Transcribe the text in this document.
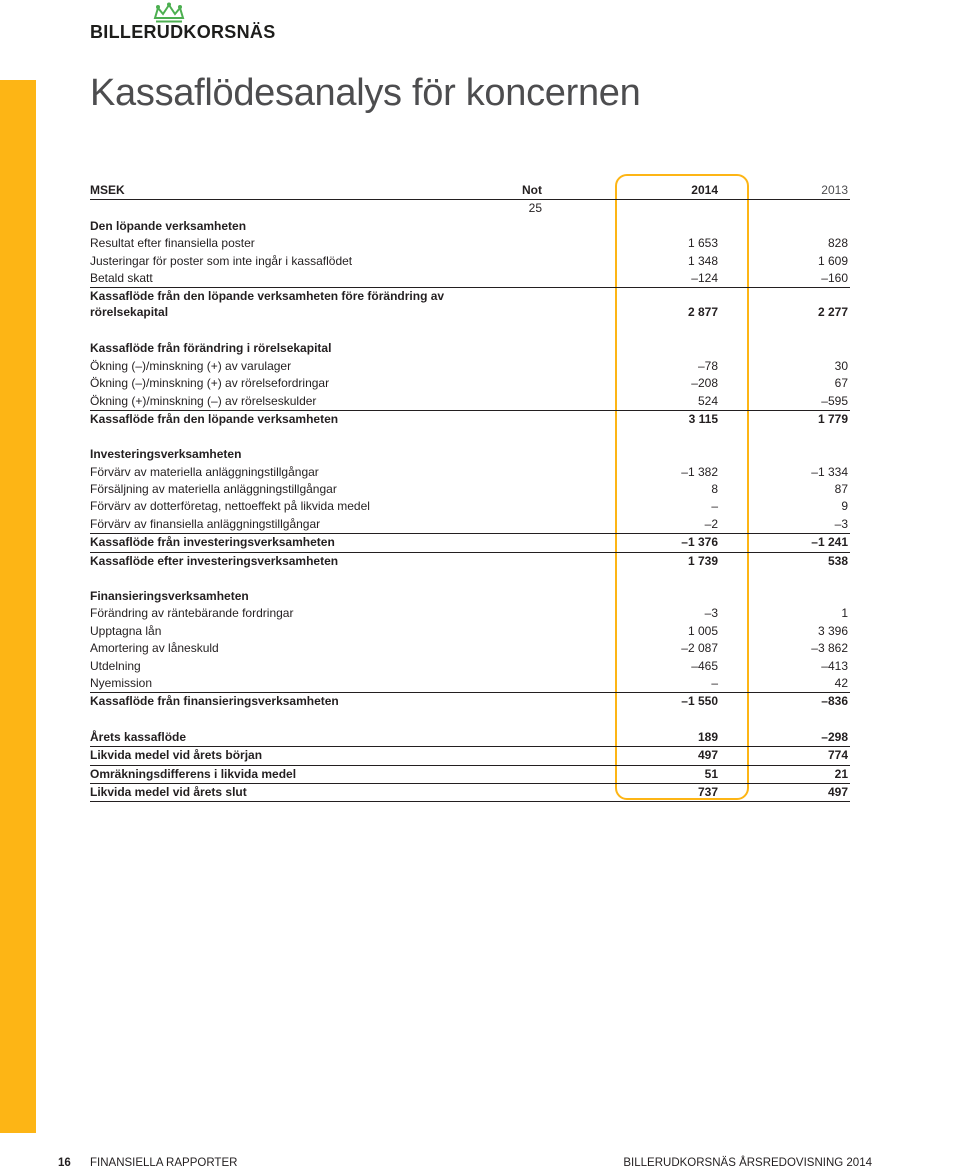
BILLERUDKORSNÄS
Kassaflödesanalys för koncernen
MSEK	Not	2014	2013
25
Den löpande verksamheten
Resultat efter finansiella poster	1 653	828
Justeringar för poster som inte ingår i kassaflödet	1 348	1 609
Betald skatt	–124	–160
Kassaflöde från den löpande verksamheten före förändring av rörelsekapital	2 877	2 277
Kassaflöde från förändring i rörelsekapital
Ökning (–)/minskning (+) av varulager	–78	30
Ökning (–)/minskning (+) av rörelsefordringar	–208	67
Ökning (+)/minskning (–) av rörelseskulder	524	–595
Kassaflöde från den löpande verksamheten	3 115	1 779
Investeringsverksamheten
Förvärv av materiella anläggningstillgångar	–1 382	–1 334
Försäljning av materiella anläggningstillgångar	8	87
Förvärv av dotterföretag, nettoeffekt på likvida medel	–	9
Förvärv av finansiella anläggningstillgångar	–2	–3
Kassaflöde från investeringsverksamheten	–1 376	–1 241
Kassaflöde efter investeringsverksamheten	1 739	538
Finansieringsverksamheten
Förändring av räntebärande fordringar	–3	1
Upptagna lån	1 005	3 396
Amortering av låneskuld	–2 087	–3 862
Utdelning	–465	–413
Nyemission	–	42
Kassaflöde från finansieringsverksamheten	–1 550	–836
Årets kassaflöde	189	–298
Likvida medel vid årets början	497	774
Omräkningsdifferens i likvida medel	51	21
Likvida medel vid årets slut	737	497
16 FINANSIELLA RAPPORTER	BILLERUDKORSNÄS ÅRSREDOVISNING 2014
